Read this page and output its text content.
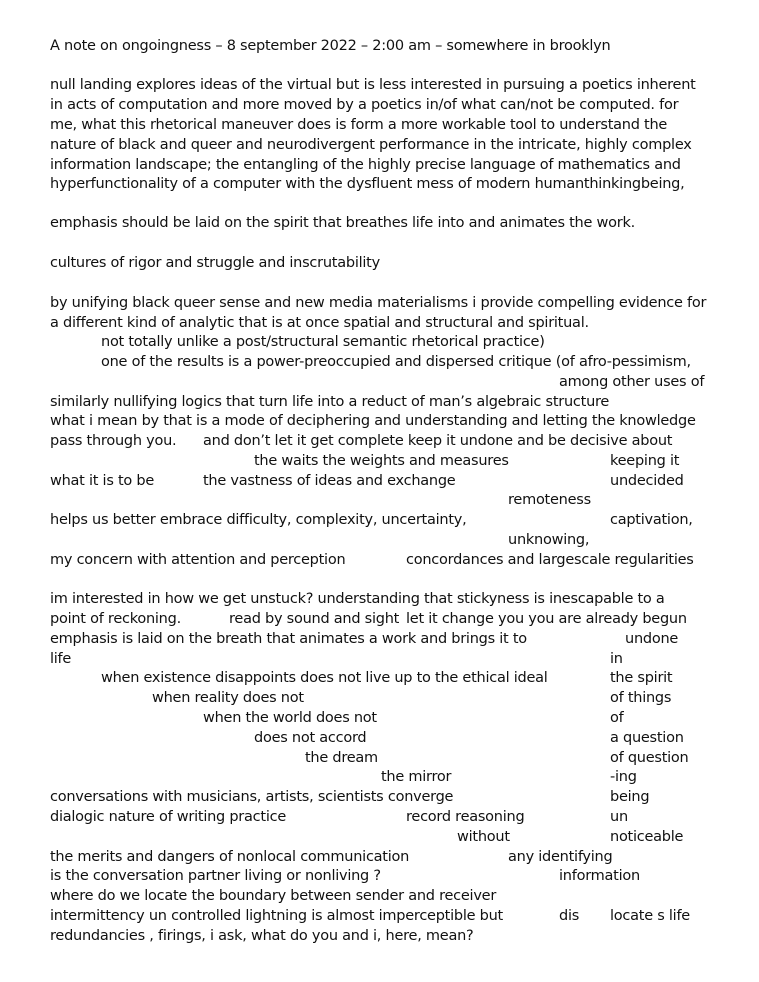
A note on ongoingness – 8 september 2022 – 2:00 am – somewhere in brooklyn
null landing explores ideas of the virtual but is less interested in pursuing a poetics inherent
in acts of computation and more moved by a poetics in/of what can/not be computed. for
me, what this rhetorical maneuver does is form a more workable tool to understand the
nature of black and queer and neurodivergent performance in the intricate, highly complex
information landscape; the entangling of the highly precise language of mathematics and
hyperfunctionality of a computer with the dysfluent mess of modern humanthinkingbeing,
emphasis should be laid on the spirit that breathes life into and animates the work.
cultures of rigor and struggle and inscrutability
by unifying black queer sense and new media materialisms i provide compelling evidence for
a different kind of analytic that is at once spatial and structural and spiritual.
not totally unlike a post/structural semantic rhetorical practice)
one of the results is a power-preoccupied and dispersed critique (of afro-pessimism,
among other uses of
similarly nullifying logics that turn life into a reduct of man’s algebraic structure
what i mean by that is a mode of deciphering and understanding and letting the knowledge
pass through you. and don’t let it get complete keep it undone and be decisive about
the waits the weights and measures	keeping it
what it is to be	the vastness of ideas and exchange	undecided
remoteness
helps us better embrace difficulty, complexity, uncertainty,	captivation,
unknowing,
my concern with attention and perception	concordances and largescale regularities
im interested in how we get unstuck? understanding that stickyness is inescapable to a
point of reckoning.	read by sound and sight let it change you you are already begun
emphasis is laid on the breath that animates a work and brings it to	undone
life	in
when existence disappoints does not live up to the ethical ideal	the spirit
when reality does not	of things
when the world does not	of
does not accord	a question
the dream	of question
the mirror	-ing
conversations with musicians, artists, scientists converge	being
dialogic nature of writing practice	record reasoning	un
without	noticeable
the merits and dangers of nonlocal communication	any identifying
is the conversation partner living or nonliving ?	information
where do we locate the boundary between sender and receiver
intermittency un controlled lightning is almost imperceptible but	dis locate s life
redundancies , firings, i ask, what do you and i, here, mean?
